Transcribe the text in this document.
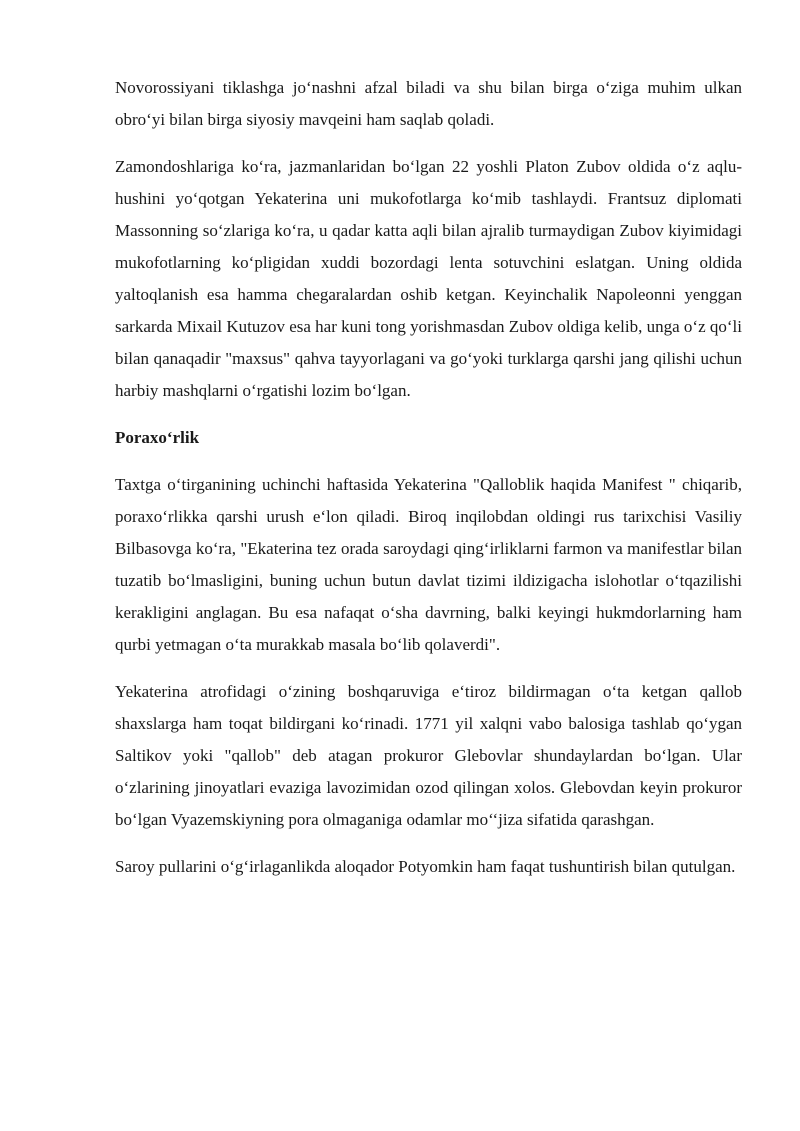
Novorossiyani tiklashga jo‘nashni afzal biladi va shu bilan birga o‘ziga muhim ulkan obro‘yi bilan birga siyosiy mavqeini ham saqlab qoladi.

Zamondoshlariga ko‘ra, jazmanlaridan bo‘lgan 22 yoshli Platon Zubov oldida o‘z aqlu-hushini yo‘qotgan Yekaterina uni mukofotlarga ko‘mib tashlaydi. Frantsuz diplomati Massonning so‘zlariga ko‘ra, u qadar katta aqli bilan ajralib turmaydigan Zubov kiyimidagi mukofotlarning ko‘pligidan xuddi bozordagi lenta sotuvchini eslatgan. Uning oldida yaltoqlanish esa hamma chegaralardan oshib ketgan. Keyinchalik Napoleonni yenggan sarkarda Mixail Kutuzov esa har kuni tong yorishmasdan Zubov oldiga kelib, unga o‘z qo‘li bilan qanaqadir "maxsus" qahva tayyorlagani va go‘yoki turklarga qarshi jang qilishi uchun harbiy mashqlarni o‘rgatishi lozim bo‘lgan.

Poraxo‘rlik

Taxtga o‘tirganining uchinchi haftasida Yekaterina "Qalloblik haqida Manifest " chiqarib, poraxo‘rlikka qarshi urush e‘lon qiladi. Biroq inqilobdan oldingi rus tarixchisi Vasiliy Bilbasovga ko‘ra, "Ekaterina tez orada saroydagi qing‘irliklarni farmon va manifestlar bilan tuzatib bo‘lmasligini, buning uchun butun davlat tizimi ildizigacha islohotlar o‘tqazilishi kerakligini anglagan. Bu esa nafaqat o‘sha davrning, balki keyingi hukmdorlarning ham qurbi yetmagan o‘ta murakkab masala bo‘lib qolaverdi".

Yekaterina atrofidagi o‘zining boshqaruviga e‘tiroz bildirmagan o‘ta ketgan qallob shaxslarga ham toqat bildirgani ko‘rinadi. 1771 yil xalqni vabo balosiga tashlab qo‘ygan Saltikov yoki "qallob" deb atagan prokuror Glebovlar shundaylardan bo‘lgan. Ular o‘zlarining jinoyatlari evaziga lavozimidan ozod qilingan xolos. Glebovdan keyin prokuror bo‘lgan Vyazemskiyning pora olmaganiga odamlar mo‘‘jiza sifatida qarashgan.

Saroy pullarini o‘g‘irlaganlikda aloqador Potyomkin ham faqat tushuntirish bilan qutulgan.
